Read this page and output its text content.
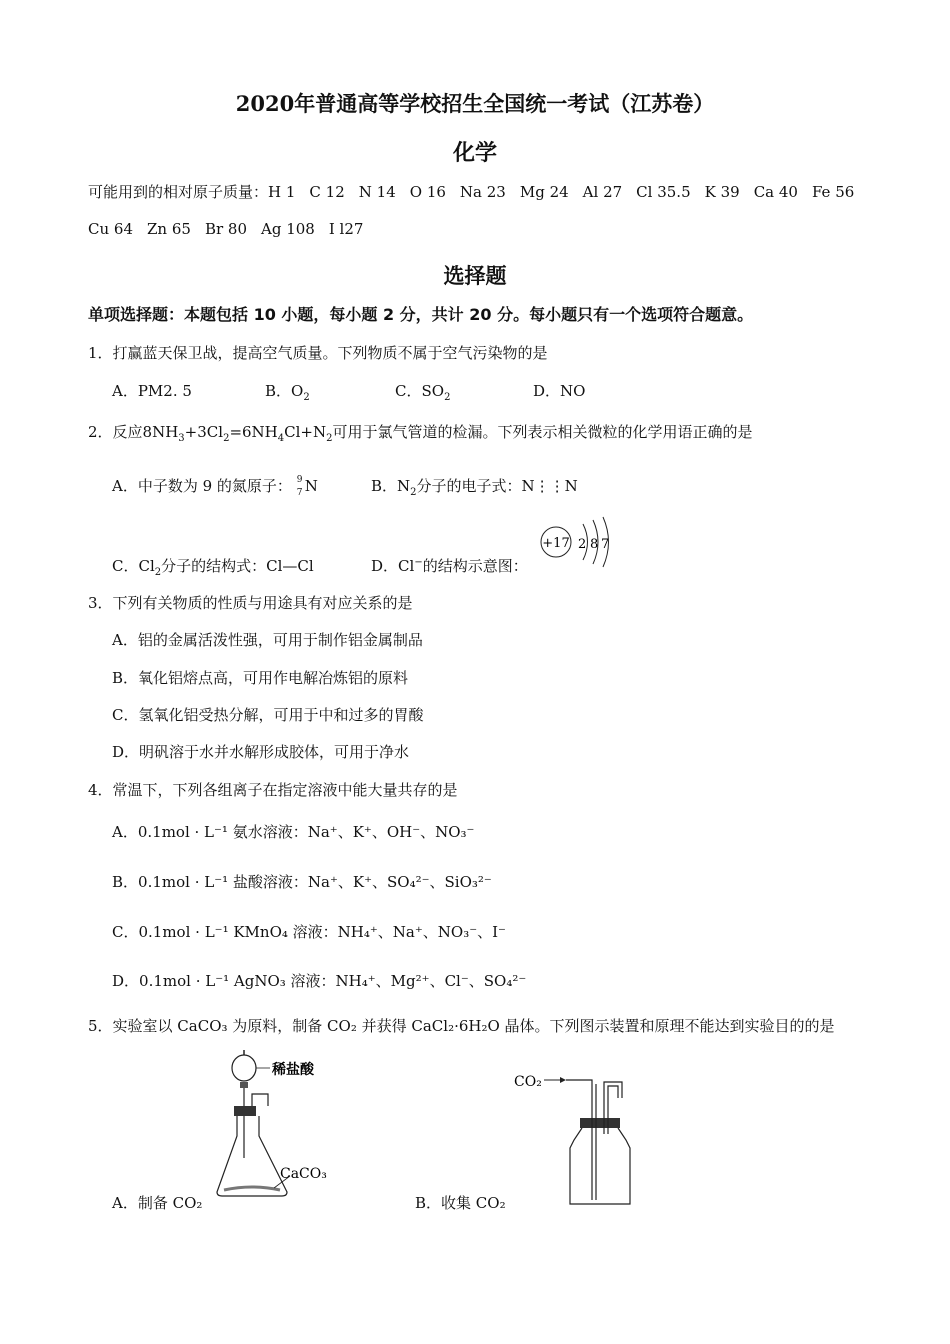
2020年普通高等学校招生全国统一考试（江苏卷）
化学
可能用到的相对原子质量：H 1 C 12 N 14 O 16 Na 23 Mg 24 Al 27 Cl 35.5 K 39 Ca 40 Fe 56
Cu 64 Zn 65 Br 80 Ag 108 I l27
选择题
单项选择题：本题包括 10 小题，每小题 2 分，共计 20 分。每小题只有一个选项符合题意。
1．打赢蓝天保卫战，提高空气质量。下列物质不属于空气污染物的是
A．PM2. 5	B．$O_2$	C．$SO_2$	D．NO
2．反应$8NH_3+3Cl_2=6NH_4Cl+N_2$可用于氯气管道的检漏。下列表示相关微粒的化学用语正确的是
A．中子数为 9 的氮原子： 9
7 N	B．$N_2$分子的电子式：N⋮⋮N
C．$Cl_2$分子的结构式：Cl—Cl	D．Cl−的结构示意图：
+17 2 8 7
3．下列有关物质的性质与用途具有对应关系的是
A．铝的金属活泼性强，可用于制作铝金属制品
B．氧化铝熔点高，可用作电解冶炼铝的原料
C．氢氧化铝受热分解，可用于中和过多的胃酸
D．明矾溶于水并水解形成胶体，可用于净水
4．常温下，下列各组离子在指定溶液中能大量共存的是
A．0.1mol · L⁻¹ 氨水溶液：Na⁺、K⁺、OH⁻、NO₃⁻
B．0.1mol · L⁻¹ 盐酸溶液：Na⁺、K⁺、SO₄²⁻、SiO₃²⁻
C．0.1mol · L⁻¹ KMnO₄ 溶液：NH₄⁺、Na⁺、NO₃⁻、I⁻
D．0.1mol · L⁻¹ AgNO₃ 溶液：NH₄⁺、Mg²⁺、Cl⁻、SO₄²⁻
5．实验室以 CaCO₃ 为原料，制备 CO₂ 并获得 CaCl₂·6H₂O 晶体。下列图示装置和原理不能达到实验目的的是
稀盐酸
CaCO₃
A．制备 CO₂
CO₂
B．收集 CO₂
